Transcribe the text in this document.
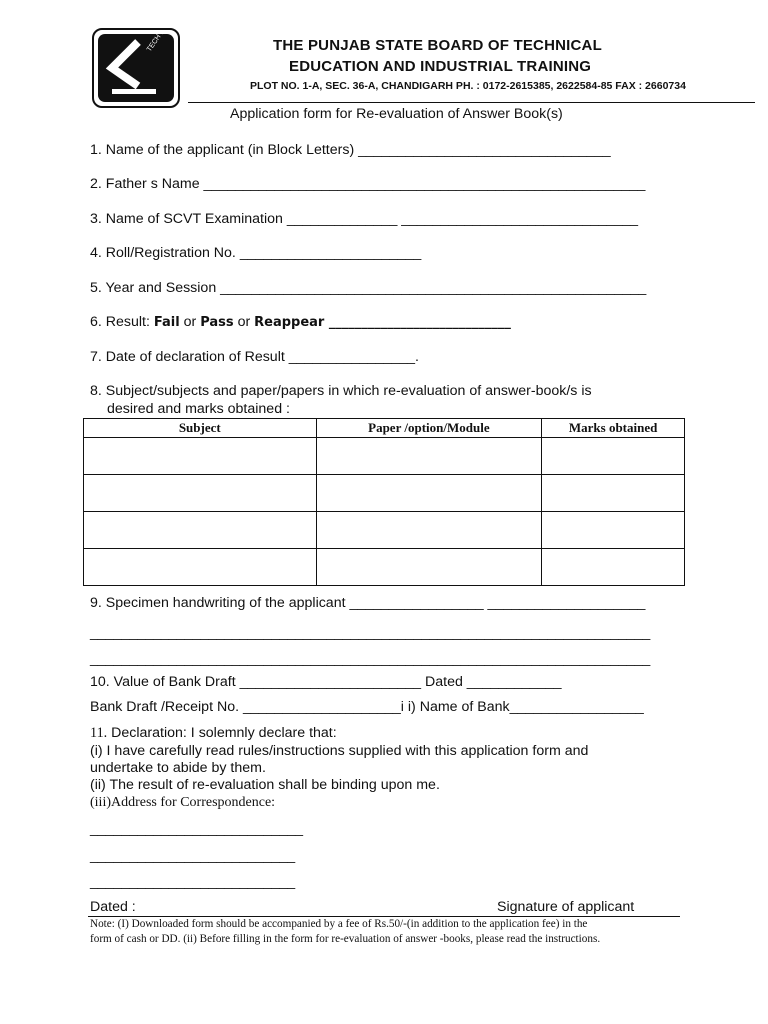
TECH ED	THE PUNJAB STATE BOARD OF TECHNICAL
EDUCATION AND INDUSTRIAL TRAINING
PLOT NO. 1-A, SEC. 36-A, CHANDIGARH PH. : 0172-2615385, 2622584-85 FAX : 2660734
Application form for Re-evaluation of Answer Book(s)
1. Name of the applicant (in Block Letters) ________________________________
2. Father s Name ________________________________________________________
3. Name of SCVT Examination ______________ ______________________________
4. Roll/Registration No. _______________________
5. Year and Session ______________________________________________________
6. Result: Fail or Pass or Reappear ____________________________
7. Date of declaration of Result ________________.
8. Subject/subjects and paper/papers in which re-evaluation of answer-book/s is
desired and marks obtained :
Subject	Paper /option/Module	Marks obtained

9. Specimen handwriting of the applicant _________________ ____________________
_______________________________________________________________________
_______________________________________________________________________
10. Value of Bank Draft _______________________ Dated ____________
Bank Draft /Receipt No. ____________________i i) Name of Bank_________________
11. Declaration: I solemnly declare that:
(i) I have carefully read rules/instructions supplied with this application form and
undertake to abide by them.
(ii) The result of re-evaluation shall be binding upon me.
(iii)Address for Correspondence:
___________________________
__________________________
__________________________
Dated :	Signature of applicant
Note: (I) Downloaded form should be accompanied by a fee of Rs.50/-(in addition to the application fee) in the
form of cash or DD. (ii) Before filling in the form for re-evaluation of answer -books, please read the instructions.
